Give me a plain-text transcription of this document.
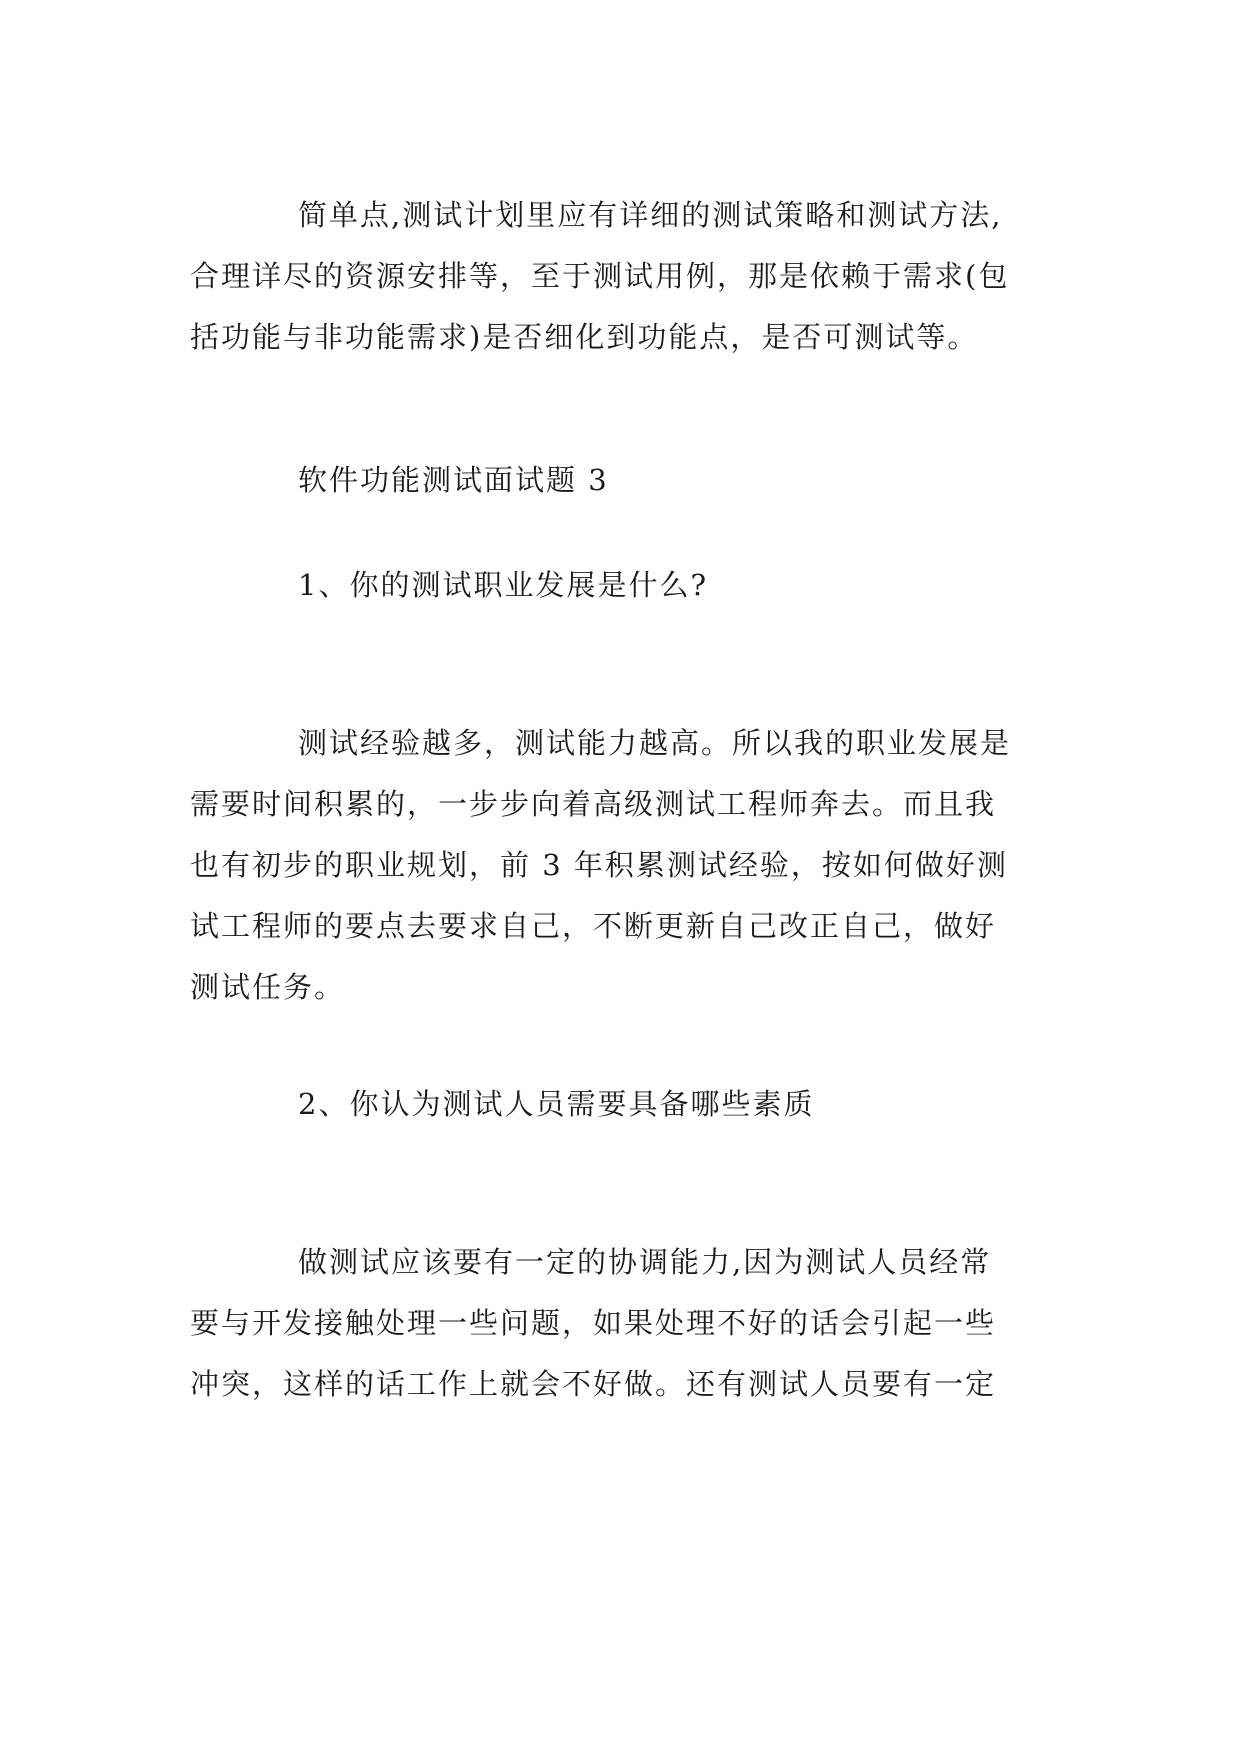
简单点,测试计划里应有详细的测试策略和测试方法,
合理详尽的资源安排等，至于测试用例，那是依赖于需求(包
括功能与非功能需求)是否细化到功能点，是否可测试等。

软件功能测试面试题 3
1、你的测试职业发展是什么?

测试经验越多，测试能力越高。所以我的职业发展是
需要时间积累的，一步步向着高级测试工程师奔去。而且我
也有初步的职业规划，前 3 年积累测试经验，按如何做好测
试工程师的要点去要求自己，不断更新自己改正自己，做好
测试任务。

2、你认为测试人员需要具备哪些素质

做测试应该要有一定的协调能力,因为测试人员经常
要与开发接触处理一些问题，如果处理不好的话会引起一些
冲突，这样的话工作上就会不好做。还有测试人员要有一定
